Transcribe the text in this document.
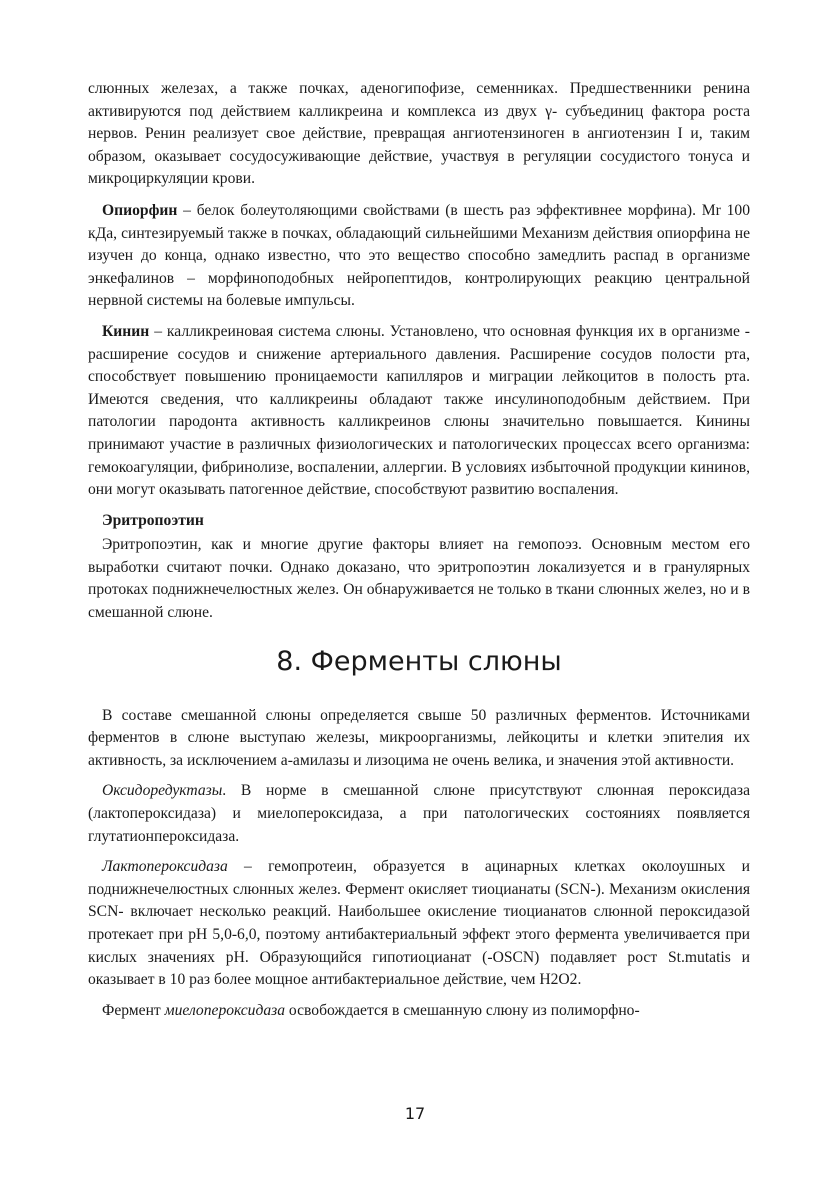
слюнных железах, а также почках, аденогипофизе, семенниках. Предшественники ренина активируются под действием калликреина и комплекса из двух γ- субъединиц фактора роста нервов. Ренин реализует свое действие, превращая ангиотензиноген в ангиотензин I и, таким образом, оказывает сосудосуживающие действие, участвуя в регуляции сосудистого тонуса и микроциркуляции крови.

Опиорфин – белок болеутоляющими свойствами (в шесть раз эффективнее морфина). Mr 100 кДа, синтезируемый также в почках, обладающий сильнейшими Механизм действия опиорфина не изучен до конца, однако известно, что это вещество способно замедлить распад в организме энкефалинов – морфиноподобных нейропептидов, контролирующих реакцию центральной нервной системы на болевые импульсы.

Кинин – калликреиновая система слюны. Установлено, что основная функция их в организме - расширение сосудов и снижение артериального давления. Расширение сосудов полости рта, способствует повышению проницаемости капилляров и миграции лейкоцитов в полость рта. Имеются сведения, что калликреины обладают также инсулиноподобным действием. При патологии пародонта активность калликреинов слюны значительно повышается. Кинины принимают участие в различных физиологических и патологических процессах всего организма: гемокоагуляции, фибринолизе, воспалении, аллергии. В условиях избыточной продукции кининов, они могут оказывать патогенное действие, способствуют развитию воспаления.

Эритропоэтин

Эритропоэтин, как и многие другие факторы влияет на гемопоэз. Основным местом его выработки считают почки. Однако доказано, что эритропоэтин локализуется и в гранулярных протоках поднижнечелюстных желез. Он обнаруживается не только в ткани слюнных желез, но и в смешанной слюне.

8. Ферменты слюны

В составе смешанной слюны определяется свыше 50 различных ферментов. Источниками ферментов в слюне выступаю железы, микроорганизмы, лейкоциты и клетки эпителия их активность, за исключением а-амилазы и лизоцима не очень велика, и значения этой активности.

Оксидоредуктазы. В норме в смешанной слюне присутствуют слюнная пероксидаза (лактопероксидаза) и миелопероксидаза, а при патологических состояниях появляется глутатионпероксидаза.

Лактопероксидаза – гемопротеин, образуется в ацинарных клетках околоушных и поднижнечелюстных слюнных желез. Фермент окисляет тиоцианаты (SCN-). Механизм окисления SCN- включает несколько реакций. Наибольшее окисление тиоцианатов слюнной пероксидазой протекает при pH 5,0-6,0, поэтому антибактериальный эффект этого фермента увеличивается при кислых значениях pH. Образующийся гипотиоцианат (-OSCN) подавляет рост St.mutatis и оказывает в 10 раз более мощное антибактериальное действие, чем H2O2.

Фермент миелопероксидаза освобождается в смешанную слюну из полиморфно-

17
